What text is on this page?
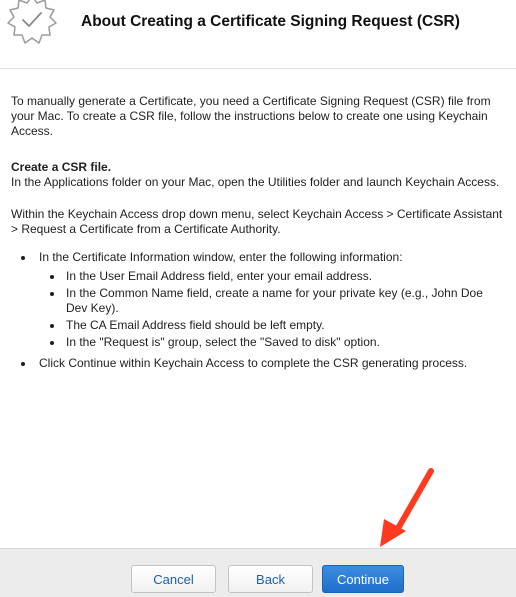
About Creating a Certificate Signing Request (CSR)

To manually generate a Certificate, you need a Certificate Signing Request (CSR) file from your Mac. To create a CSR file, follow the instructions below to create one using Keychain Access.

Create a CSR file.

In the Applications folder on your Mac, open the Utilities folder and launch Keychain Access.

Within the Keychain Access drop down menu, select Keychain Access > Certificate Assistant > Request a Certificate from a Certificate Authority.

In the Certificate Information window, enter the following information:
In the User Email Address field, enter your email address.
In the Common Name field, create a name for your private key (e.g., John Doe Dev Key).
The CA Email Address field should be left empty.
In the "Request is" group, select the "Saved to disk" option.
Click Continue within Keychain Access to complete the CSR generating process.
Cancel	Back	Continue
